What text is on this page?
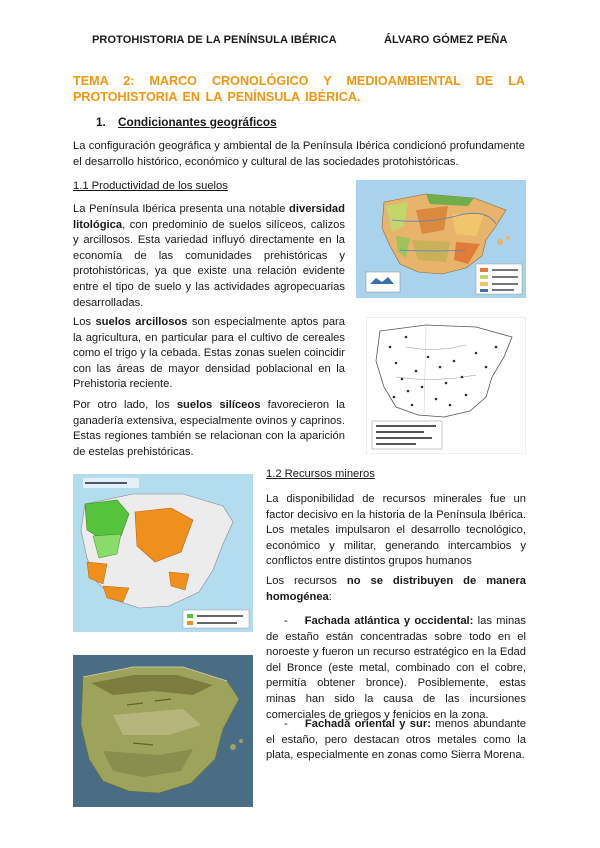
PROTOHISTORIA DE LA PENÍNSULA IBÉRICA	ÁLVARO GÓMEZ PEÑA

TEMA 2: MARCO CRONOLÓGICO Y MEDIOAMBIENTAL DE LA PROTOHISTORIA EN LA PENÍNSULA IBÉRICA.

1. Condicionantes geográficos

La configuración geográfica y ambiental de la Península Ibérica condicionó profundamente el desarrollo histórico, económico y cultural de las sociedades protohistóricas.

1.1 Productividad de los suelos

La Península Ibérica presenta una notable diversidad litológica, con predominio de suelos silíceos, calizos y arcillosos. Esta variedad influyó directamente en la economía de las comunidades prehistóricas y protohistóricas, ya que existe una relación evidente entre el tipo de suelo y las actividades agropecuarias desarrolladas.

Los suelos arcillosos son especialmente aptos para la agricultura, en particular para el cultivo de cereales como el trigo y la cebada. Estas zonas suelen coincidir con las áreas de mayor densidad poblacional en la Prehistoria reciente.

Por otro lado, los suelos silíceos favorecieron la ganadería extensiva, especialmente ovinos y caprinos. Estas regiones también se relacionan con la aparición de estelas prehistóricas.

1.2 Recursos mineros

La disponibilidad de recursos minerales fue un factor decisivo en la historia de la Península Ibérica. Los metales impulsaron el desarrollo tecnológico, económico y militar, generando intercambios y conflictos entre distintos grupos humanos

Los recursos no se distribuyen de manera homogénea:

- Fachada atlántica y occidental: las minas de estaño están concentradas sobre todo en el noroeste y fueron un recurso estratégico en la Edad del Bronce (este metal, combinado con el cobre, permitía obtener bronce). Posiblemente, estas minas han sido la causa de las incursiones comerciales de griegos y fenicios en la zona.

- Fachada oriental y sur: menos abundante el estaño, pero destacan otros metales como la plata, especialmente en zonas como Sierra Morena.
